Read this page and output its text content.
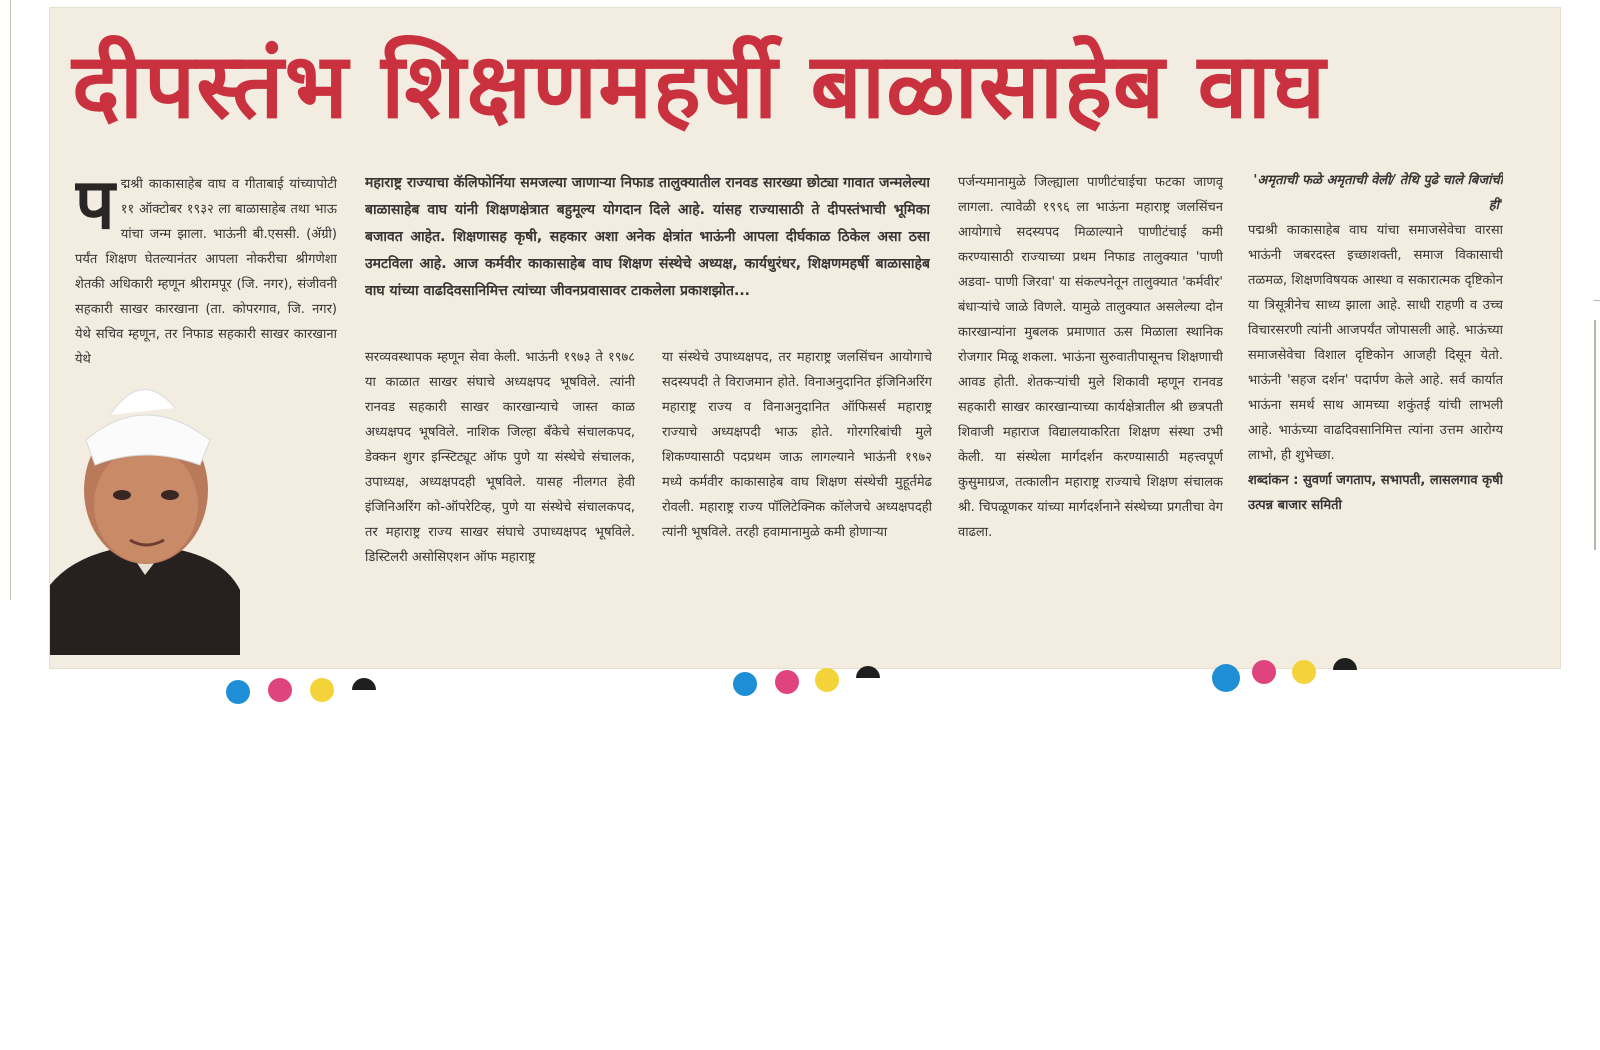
दीपस्तंभ शिक्षणमहर्षी बाळासाहेब वाघ
प द्मश्री काकासाहेब वाघ व गीताबाई यांच्यापोटी ११ ऑक्टोबर १९३२ ला बाळासाहेब तथा भाऊ यांचा जन्म झाला. भाऊंनी बी.एससी. (ॲग्री) पर्यंत शिक्षण घेतल्यानंतर आपला नोकरीचा श्रीगणेशा शेतकी अधिकारी म्हणून श्रीरामपूर (जि. नगर), संजीवनी सहकारी साखर कारखाना (ता. कोपरगाव, जि. नगर) येथे सचिव म्हणून, तर निफाड सहकारी साखर कारखाना येथे
महाराष्ट्र राज्याचा कॅलिफोर्निया समजल्या जाणाऱ्या निफाड तालुक्यातील रानवड सारख्या छोट्या गावात जन्मलेल्या बाळासाहेब वाघ यांनी शिक्षणक्षेत्रात बहुमूल्य योगदान दिले आहे. यांसह राज्यासाठी ते दीपस्तंभाची भूमिका बजावत आहेत. शिक्षणासह कृषी, सहकार अशा अनेक क्षेत्रांत भाऊंनी आपला दीर्घकाळ ठिकेल असा ठसा उमटविला आहे. आज कर्मवीर काकासाहेब वाघ शिक्षण संस्थेचे अध्यक्ष, कार्यधुरंधर, शिक्षणमहर्षी बाळासाहेब वाघ यांच्या वाढदिवसानिमित्त त्यांच्या जीवनप्रवासावर टाकलेला प्रकाशझोत...
सरव्यवस्थापक म्हणून सेवा केली. भाऊंनी १९७३ ते १९७८ या काळात साखर संघाचे अध्यक्षपद भूषविले. त्यांनी रानवड सहकारी साखर कारखान्याचे जास्त काळ अध्यक्षपद भूषविले. नाशिक जिल्हा बँकेचे संचालकपद, डेक्कन शुगर इन्स्टिट्यूट ऑफ पुणे या संस्थेचे संचालक, उपाध्यक्ष, अध्यक्षपदही भूषविले. यासह नीलगत हेवी इंजिनिअरिंग को-ऑपरेटिव्ह, पुणे या संस्थेचे संचालकपद, तर महाराष्ट्र राज्य साखर संघाचे उपाध्यक्षपद भूषविले. डिस्टिलरी असोसिएशन ऑफ महाराष्ट्र
या संस्थेचे उपाध्यक्षपद, तर महाराष्ट्र जलसिंचन आयोगाचे सदस्यपदी ते विराजमान होते. विनाअनुदानित इंजिनिअरिंग महाराष्ट्र राज्य व विनाअनुदानित ऑफिसर्स महाराष्ट्र राज्याचे अध्यक्षपदी भाऊ होते. गोरगरिबांची मुले शिकण्यासाठी पदप्रथम जाऊ लागल्याने भाऊंनी १९७२ मध्ये कर्मवीर काकासाहेब वाघ शिक्षण संस्थेची मुहूर्तमेढ रोवली. महाराष्ट्र राज्य पॉलिटेक्निक कॉलेजचे अध्यक्षपदही त्यांनी भूषविले. तरही हवामानामुळे कमी होणाऱ्या
पर्जन्यमानामुळे जिल्ह्याला पाणीटंचाईचा फटका जाणवू लागला. त्यावेळी १९९६ ला भाऊंना महाराष्ट्र जलसिंचन आयोगाचे सदस्यपद मिळाल्याने पाणीटंचाई कमी करण्यासाठी राज्याच्या प्रथम निफाड तालुक्यात 'पाणी अडवा- पाणी जिरवा' या संकल्पनेतून तालुक्यात 'कर्मवीर' बंधाऱ्यांचे जाळे विणले. यामुळे तालुक्यात असलेल्या दोन कारखान्यांना मुबलक प्रमाणात ऊस मिळाला स्थानिक रोजगार मिळू शकला. भाऊंना सुरुवातीपासूनच शिक्षणाची आवड होती. शेतकऱ्यांची मुले शिकावी म्हणून रानवड सहकारी साखर कारखान्याच्या कार्यक्षेत्रातील श्री छत्रपती शिवाजी महाराज विद्यालयाकरिता शिक्षण संस्था उभी केली. या संस्थेला मार्गदर्शन करण्यासाठी महत्त्वपूर्ण कुसुमाग्रज, तत्कालीन महाराष्ट्र राज्याचे शिक्षण संचालक श्री. चिपळूणकर यांच्या मार्गदर्शनाने संस्थेच्या प्रगतीचा वेग वाढला.
'अमृताची फळे अमृताची वेली/ तेथि पुढे चाले बिजांची ही'
पद्मश्री काकासाहेब वाघ यांचा समाजसेवेचा वारसा भाऊंनी जबरदस्त इच्छाशक्ती, समाज विकासाची तळमळ, शिक्षणविषयक आस्था व सकारात्मक दृष्टिकोन या त्रिसूत्रीनेच साध्य झाला आहे. साधी राहणी व उच्च विचारसरणी त्यांनी आजपर्यंत जोपासली आहे. भाऊंच्या समाजसेवेचा विशाल दृष्टिकोन आजही दिसून येतो. भाऊंनी 'सहज दर्शन' पदार्पण केले आहे. सर्व कार्यात भाऊंना समर्थ साथ आमच्या शकुंतई यांची लाभली आहे. भाऊंच्या वाढदिवसानिमित्त त्यांना उत्तम आरोग्य लाभो, ही शुभेच्छा.
शब्दांकन : सुवर्णा जगताप, सभापती, लासलगाव कृषी उत्पन्न बाजार समिती
